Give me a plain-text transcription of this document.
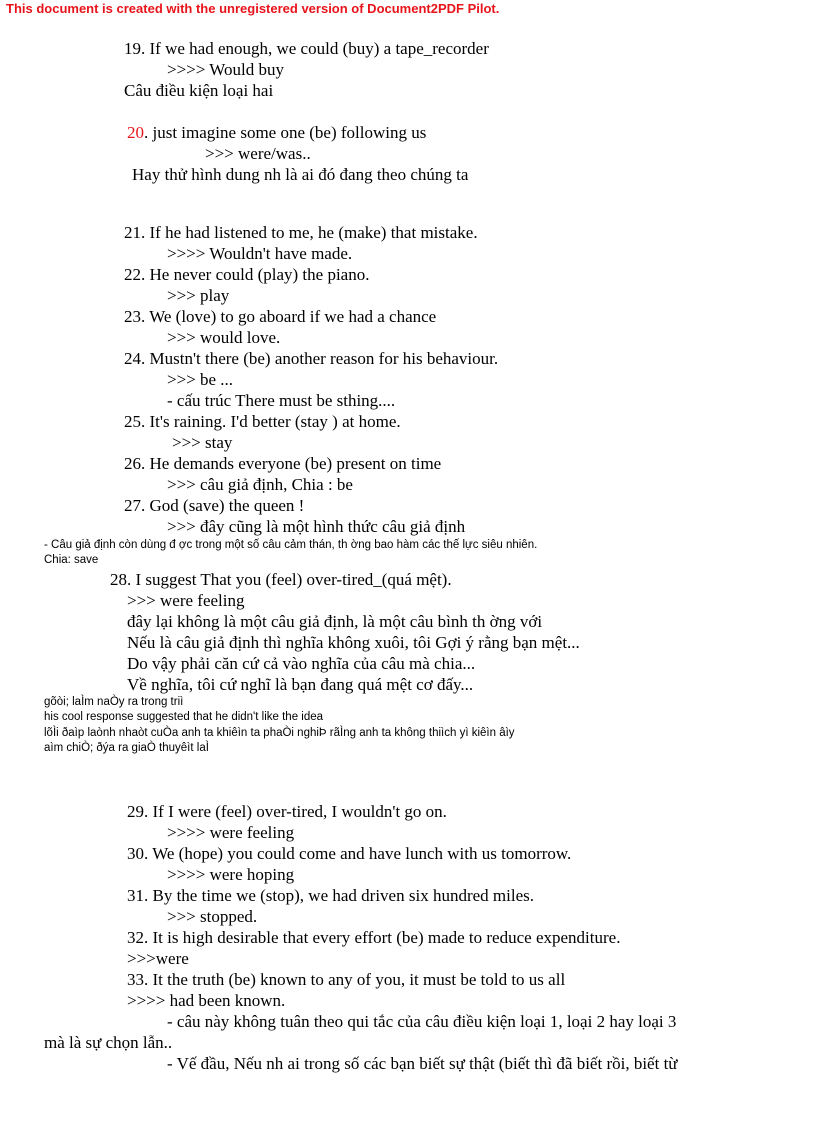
This document is created with the unregistered version of Document2PDF Pilot.
19. If we had enough, we could (buy) a tape_recorder
>>>> Would buy
Câu điều kiện loại hai
20. just imagine some one (be) following us
>>> were/was..
Hay thử hình dung nh là ai đó đang theo chúng ta
21. If he had listened to me, he (make) that mistake.
>>>> Wouldn't have made.
22. He never could (play) the piano.
>>> play
23. We (love) to go aboard if we had a chance
>>> would love.
24. Mustn't there (be) another reason for his behaviour.
>>> be ...
- cấu trúc There must be sthing....
25. It's raining. I'd better (stay ) at home.
>>> stay
26. He demands everyone (be) present on time
>>> câu giả định, Chia : be
27. God (save) the queen !
>>> đây cũng là một hình thức câu giả định
- Câu giả định còn dùng đ ợc trong một số câu cảm thán, th ờng bao hàm các thế lực siêu nhiên.
Chia: save
28. I suggest That you (feel) over-tired_(quá mệt).
>>> were feeling
đây lại không là một câu giả định, là một câu bình th ờng với
Nếu là câu giả định thì nghĩa không xuôi, tôi Gợi ý rằng bạn mệt...
Do vậy phải căn cứ cả vào nghĩa của câu mà chia...
Về nghĩa, tôi cứ nghĩ là bạn đang quá mệt cơ đấy...
gõòi; laÌm naÒy ra trong triì
his cool response suggested that he didn't like the idea
lõÌi ðaìp laònh nhaòt cuÒa anh ta khiêìn ta phaÒi nghiÞ rãÌng anh ta không thiìch yì kiêìn âìy
aìm chiÒ; ðýa ra giaÒ thuyêìt laÌ
29. If I were (feel) over-tired, I wouldn't go on.
>>>> were feeling
30. We (hope) you could come and have lunch with us tomorrow.
>>>> were hoping
31. By the time we (stop), we had driven six hundred miles.
>>> stopped.
32. It is high desirable that every effort (be) made to reduce expenditure.
>>>were
33. It the truth (be) known to any of you, it must be told to us all
>>>> had been known.
- câu này không tuân theo qui tắc của câu điều kiện loại 1, loại 2 hay loại 3
mà là sự chọn lẫn..
- Vế đầu, Nếu nh ai trong số các bạn biết sự thật (biết thì đã biết rồi, biết từ
